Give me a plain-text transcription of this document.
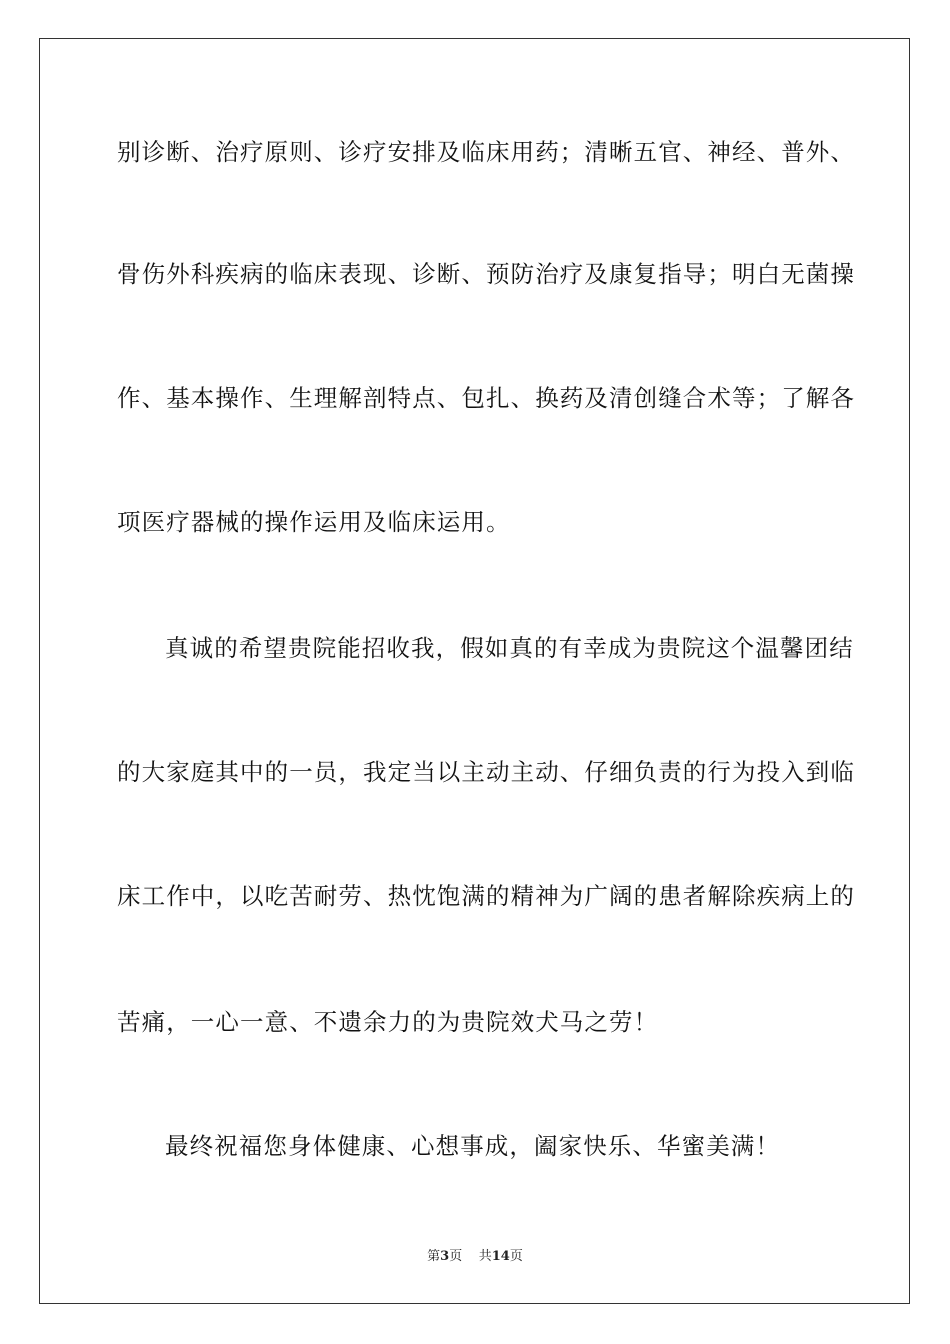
别诊断、治疗原则、诊疗安排及临床用药；清晰五官、神经、普外、
骨伤外科疾病的临床表现、诊断、预防治疗及康复指导；明白无菌操
作、基本操作、生理解剖特点、包扎、换药及清创缝合术等；了解各
项医疗器械的操作运用及临床运用。
真诚的希望贵院能招收我，假如真的有幸成为贵院这个温馨团结
的大家庭其中的一员，我定当以主动主动、仔细负责的行为投入到临
床工作中，以吃苦耐劳、热忱饱满的精神为广阔的患者解除疾病上的
苦痛，一心一意、不遗余力的为贵院效犬马之劳！
最终祝福您身体健康、心想事成，阖家快乐、华蜜美满！
第3页 共14页
